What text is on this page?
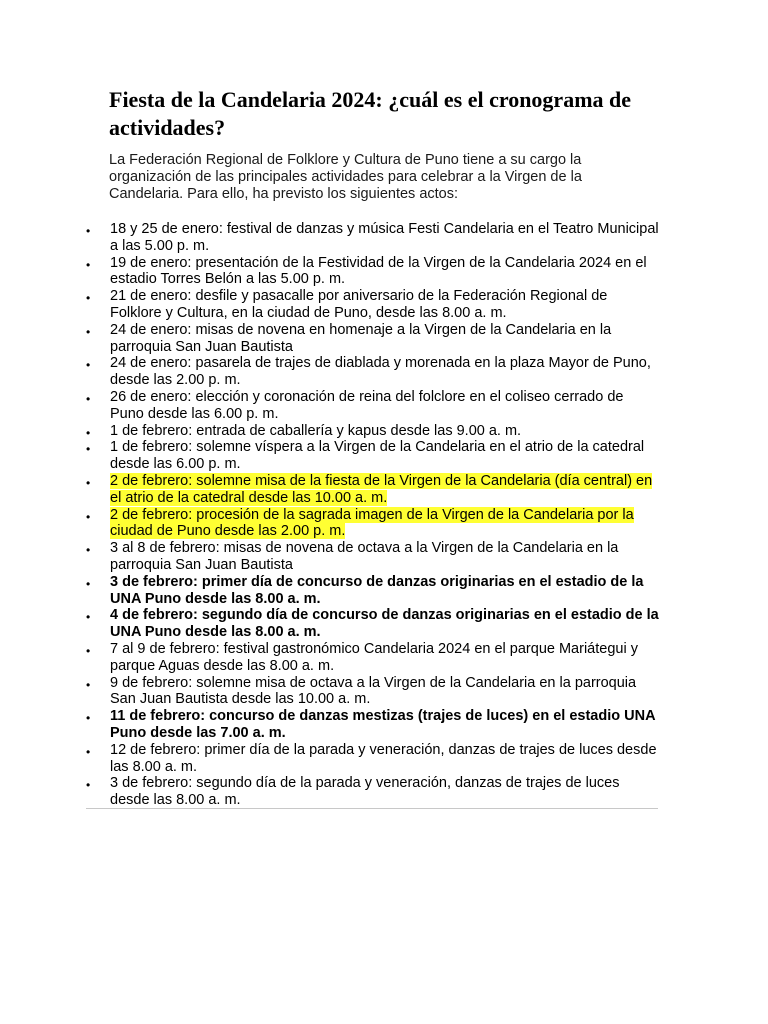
Fiesta de la Candelaria 2024: ¿cuál es el cronograma de actividades?

La Federación Regional de Folklore y Cultura de Puno tiene a su cargo la organización de las principales actividades para celebrar a la Virgen de la Candelaria. Para ello, ha previsto los siguientes actos:

• 18 y 25 de enero: festival de danzas y música Festi Candelaria en el Teatro Municipal a las 5.00 p. m.
• 19 de enero: presentación de la Festividad de la Virgen de la Candelaria 2024 en el estadio Torres Belón a las 5.00 p. m.
• 21 de enero: desfile y pasacalle por aniversario de la Federación Regional de Folklore y Cultura, en la ciudad de Puno, desde las 8.00 a. m.
• 24 de enero: misas de novena en homenaje a la Virgen de la Candelaria en la parroquia San Juan Bautista
• 24 de enero: pasarela de trajes de diablada y morenada en la plaza Mayor de Puno, desde las 2.00 p. m.
• 26 de enero: elección y coronación de reina del folclore en el coliseo cerrado de Puno desde las 6.00 p. m.
• 1 de febrero: entrada de caballería y kapus desde las 9.00 a. m.
• 1 de febrero: solemne víspera a la Virgen de la Candelaria en el atrio de la catedral desde las 6.00 p. m.
• 2 de febrero: solemne misa de la fiesta de la Virgen de la Candelaria (día central) en el atrio de la catedral desde las 10.00 a. m.
• 2 de febrero: procesión de la sagrada imagen de la Virgen de la Candelaria por la ciudad de Puno desde las 2.00 p. m.
• 3 al 8 de febrero: misas de novena de octava a la Virgen de la Candelaria en la parroquia San Juan Bautista
• 3 de febrero: primer día de concurso de danzas originarias en el estadio de la UNA Puno desde las 8.00 a. m.
• 4 de febrero: segundo día de concurso de danzas originarias en el estadio de la UNA Puno desde las 8.00 a. m.
• 7 al 9 de febrero: festival gastronómico Candelaria 2024 en el parque Mariátegui y parque Aguas desde las 8.00 a. m.
• 9 de febrero: solemne misa de octava a la Virgen de la Candelaria en la parroquia San Juan Bautista desde las 10.00 a. m.
• 11 de febrero: concurso de danzas mestizas (trajes de luces) en el estadio UNA Puno desde las 7.00 a. m.
• 12 de febrero: primer día de la parada y veneración, danzas de trajes de luces desde las 8.00 a. m.
• 3 de febrero: segundo día de la parada y veneración, danzas de trajes de luces desde las 8.00 a. m.
